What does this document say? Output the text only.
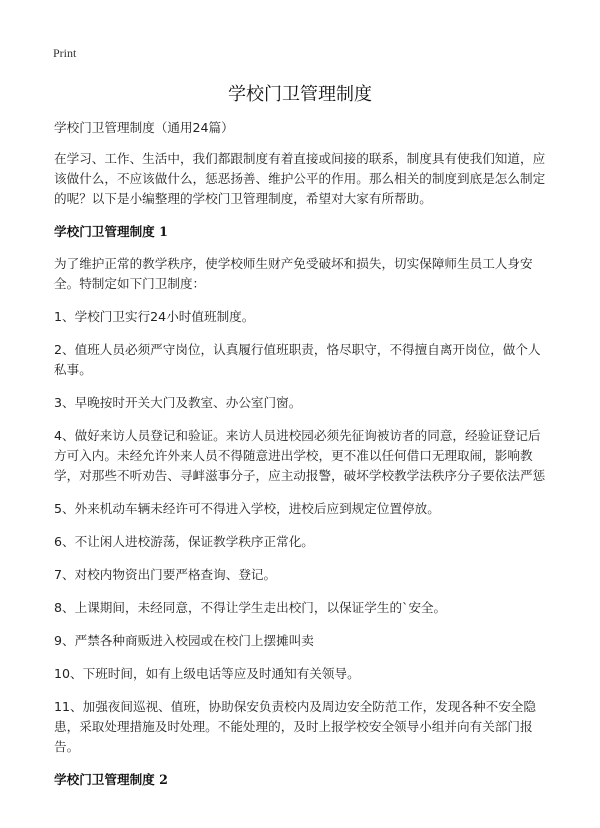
Print
学校门卫管理制度

学校门卫管理制度（通用24篇）

在学习、工作、生活中，我们都跟制度有着直接或间接的联系，制度具有使我们知道，应该做什么，不应该做什么，惩恶扬善、维护公平的作用。那么相关的制度到底是怎么制定的呢？以下是小编整理的学校门卫管理制度，希望对大家有所帮助。

学校门卫管理制度 1

为了维护正常的教学秩序，使学校师生财产免受破坏和损失，切实保障师生员工人身安全。特制定如下门卫制度：

1、学校门卫实行24小时值班制度。

2、值班人员必须严守岗位，认真履行值班职责，恪尽职守，不得擅自离开岗位，做个人私事。

3、早晚按时开关大门及教室、办公室门窗。

4、做好来访人员登记和验证。来访人员进校园必须先征询被访者的同意，经验证登记后方可入内。未经允许外来人员不得随意进出学校，更不准以任何借口无理取闹，影响教学，对那些不听劝告、寻衅滋事分子，应主动报警，破坏学校教学法秩序分子要依法严惩

5、外来机动车辆未经许可不得进入学校，进校后应到规定位置停放。

6、不让闲人进校游荡，保证教学秩序正常化。

7、对校内物资出门要严格查询、登记。

8、上课期间，未经同意，不得让学生走出校门，以保证学生的`安全。

9、严禁各种商贩进入校园或在校门上摆摊叫卖

10、下班时间，如有上级电话等应及时通知有关领导。

11、加强夜间巡视、值班，协助保安负责校内及周边安全防范工作，发现各种不安全隐患，采取处理措施及时处理。不能处理的，及时上报学校安全领导小组并向有关部门报告。

学校门卫管理制度 2
